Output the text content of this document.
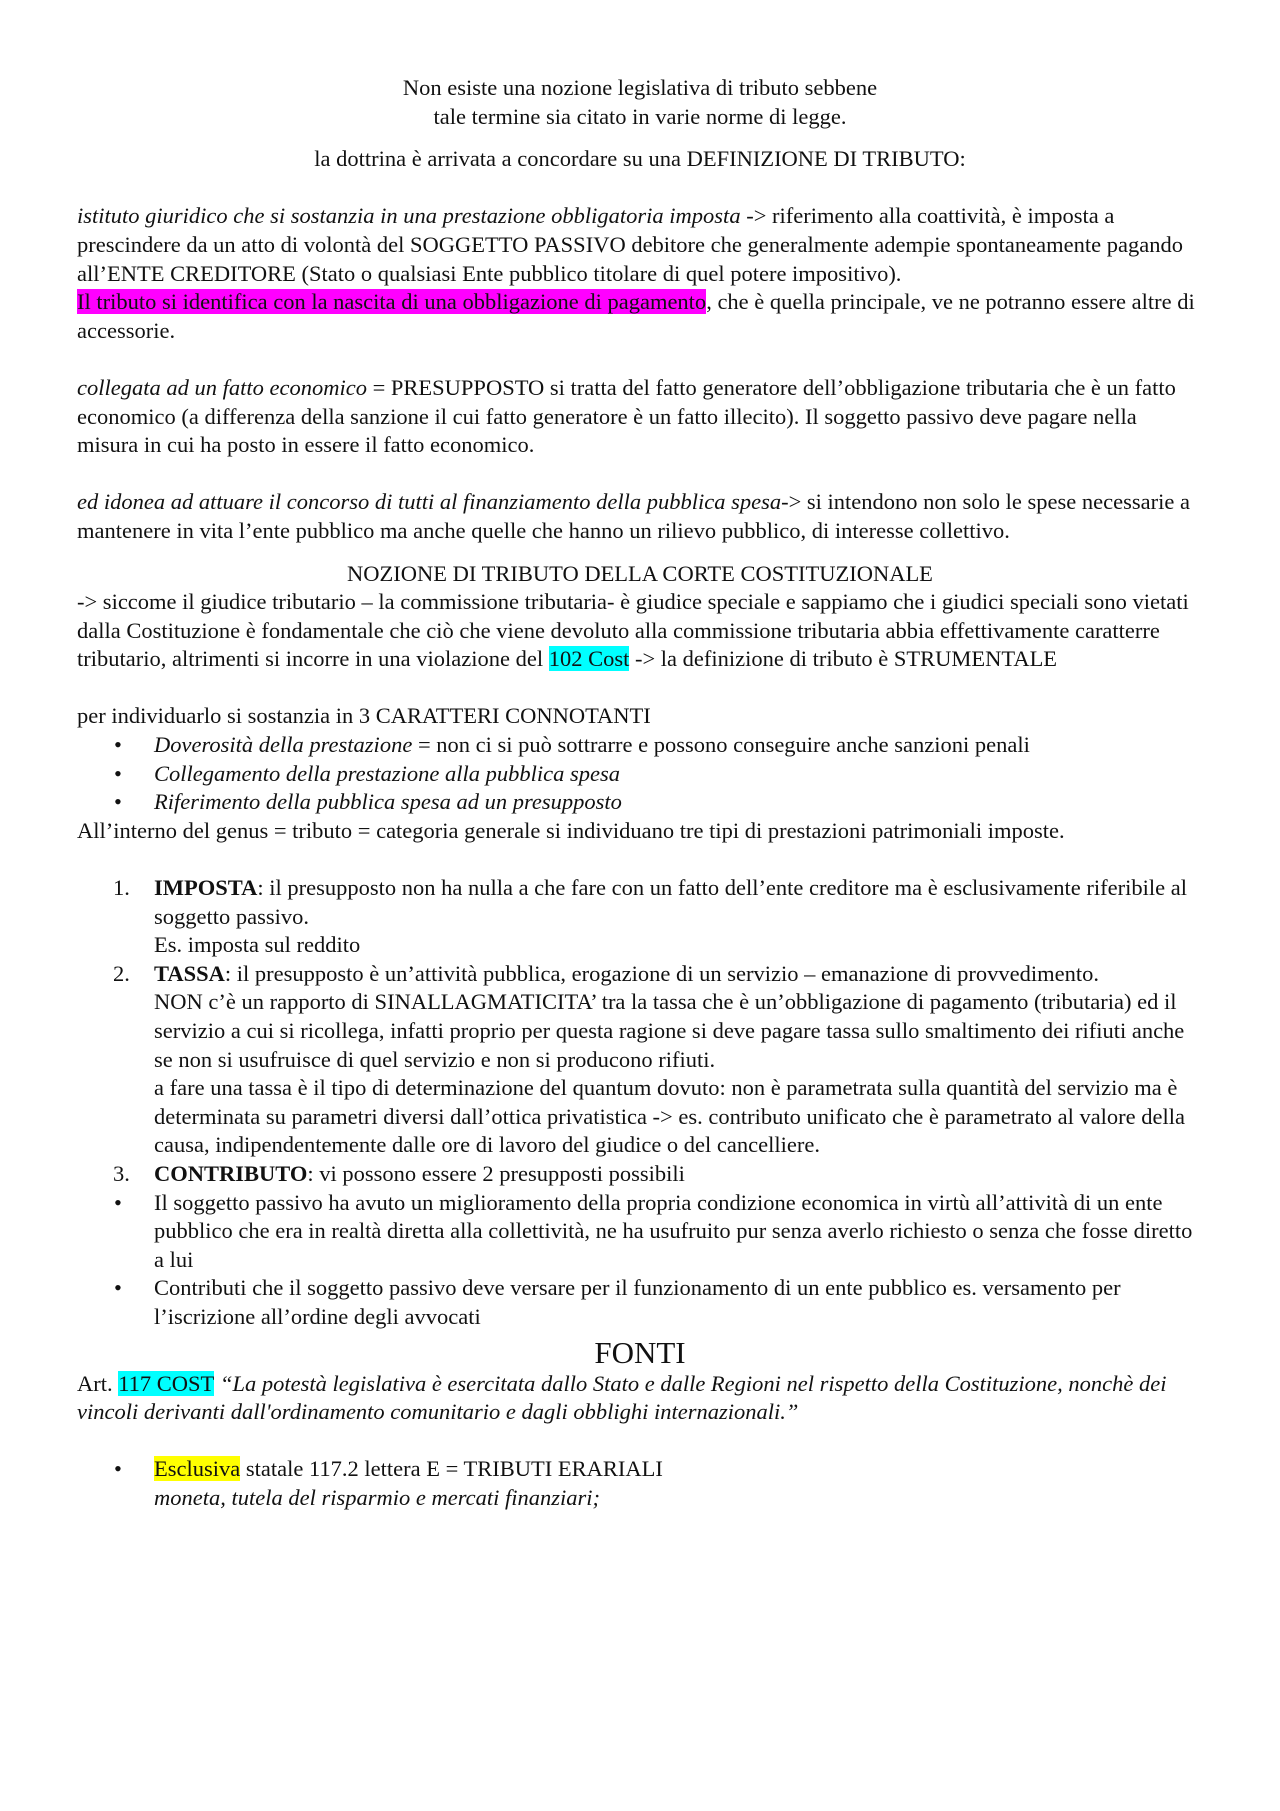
Non esiste una nozione legislativa di tributo sebbene

tale termine sia citato in varie norme di legge.

la dottrina è arrivata a concordare su una DEFINIZIONE DI TRIBUTO:

istituto giuridico che si sostanzia in una prestazione obbligatoria imposta -> riferimento alla coattività, è imposta a prescindere da un atto di volontà del SOGGETTO PASSIVO debitore che generalmente adempie spontaneamente pagando all’ENTE CREDITORE (Stato o qualsiasi Ente pubblico titolare di quel potere impositivo).

Il tributo si identifica con la nascita di una obbligazione di pagamento, che è quella principale, ve ne potranno essere altre di accessorie.

collegata ad un fatto economico = PRESUPPOSTO si tratta del fatto generatore dell’obbligazione tributaria che è un fatto economico (a differenza della sanzione il cui fatto generatore è un fatto illecito). Il soggetto passivo deve pagare nella misura in cui ha posto in essere il fatto economico.

ed idonea ad attuare il concorso di tutti al finanziamento della pubblica spesa-> si intendono non solo le spese necessarie a mantenere in vita l’ente pubblico ma anche quelle che hanno un rilievo pubblico, di interesse collettivo.

NOZIONE DI TRIBUTO DELLA CORTE COSTITUZIONALE

-> siccome il giudice tributario – la commissione tributaria- è giudice speciale e sappiamo che i giudici speciali sono vietati dalla Costituzione è fondamentale che ciò che viene devoluto alla commissione tributaria abbia effettivamente caratterre tributario, altrimenti si incorre in una violazione del 102 Cost -> la definizione di tributo è STRUMENTALE

per individuarlo si sostanzia in 3 CARATTERI CONNOTANTI

• Doverosità della prestazione = non ci si può sottrarre e possono conseguire anche sanzioni penali
• Collegamento della prestazione alla pubblica spesa
• Riferimento della pubblica spesa ad un presupposto

All’interno del genus = tributo = categoria generale si individuano tre tipi di prestazioni patrimoniali imposte.

1. IMPOSTA: il presupposto non ha nulla a che fare con un fatto dell’ente creditore ma è esclusivamente riferibile al soggetto passivo.
Es. imposta sul reddito
2. TASSA: il presupposto è un’attività pubblica, erogazione di un servizio – emanazione di provvedimento.
NON c’è un rapporto di SINALLAGMATICITA’ tra la tassa che è un’obbligazione di pagamento (tributaria) ed il servizio a cui si ricollega, infatti proprio per questa ragione si deve pagare tassa sullo smaltimento dei rifiuti anche se non si usufruisce di quel servizio e non si producono rifiuti.
a fare una tassa è il tipo di determinazione del quantum dovuto: non è parametrata sulla quantità del servizio ma è determinata su parametri diversi dall’ottica privatistica -> es. contributo unificato che è parametrato al valore della causa, indipendentemente dalle ore di lavoro del giudice o del cancelliere.
3. CONTRIBUTO: vi possono essere 2 presupposti possibili
• Il soggetto passivo ha avuto un miglioramento della propria condizione economica in virtù all’attività di un ente pubblico che era in realtà diretta alla collettività, ne ha usufruito pur senza averlo richiesto o senza che fosse diretto a lui
• Contributi che il soggetto passivo deve versare per il funzionamento di un ente pubblico es. versamento per l’iscrizione all’ordine degli avvocati

FONTI

Art. 117 COST “La potestà legislativa è esercitata dallo Stato e dalle Regioni nel rispetto della Costituzione, nonchè dei vincoli derivanti dall'ordinamento comunitario e dagli obblighi internazionali.”

• Esclusiva statale 117.2 lettera E = TRIBUTI ERARIALI
moneta, tutela del risparmio e mercati finanziari;
